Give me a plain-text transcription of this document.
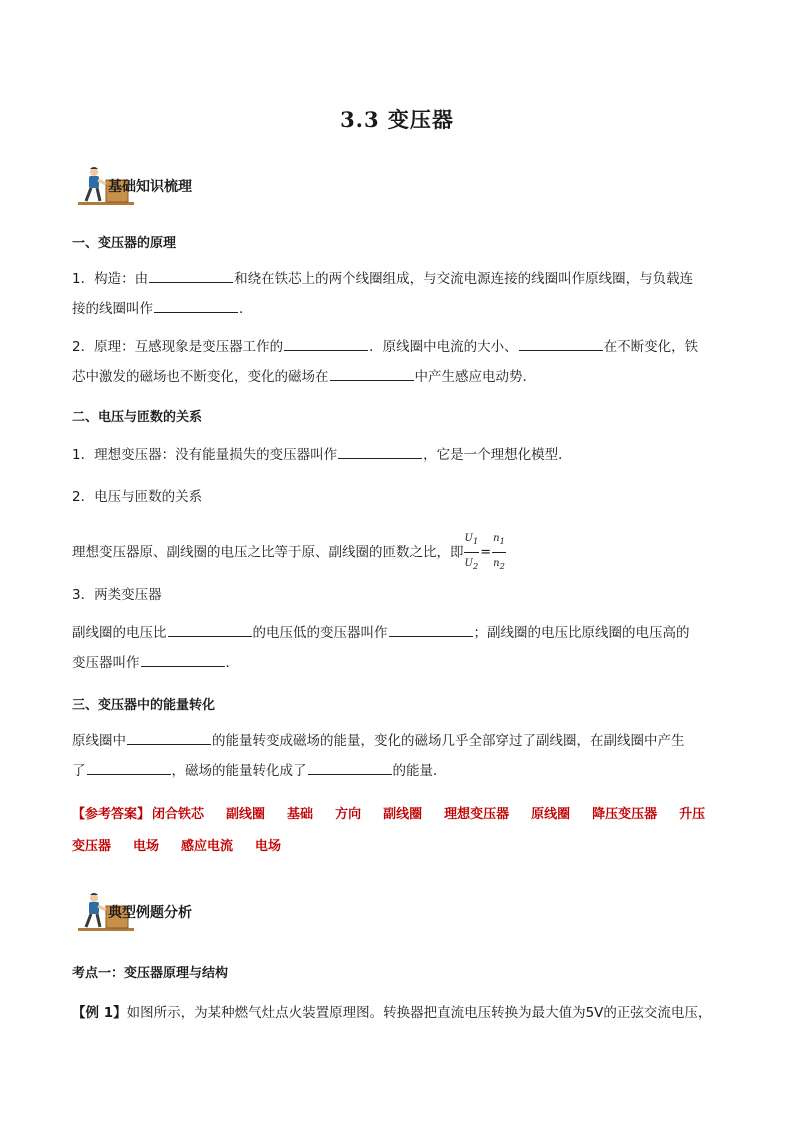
3.3 变压器
基础知识梳理
一、变压器的原理
1．构造：由	和绕在铁芯上的两个线圈组成，与交流电源连接的线圈叫作原线圈，与负载连
接的线圈叫作	．
2．原理：互感现象是变压器工作的	．原线圈中电流的大小、	在不断变化，铁
芯中激发的磁场也不断变化，变化的磁场在	中产生感应电动势．
二、电压与匝数的关系
1．理想变压器：没有能量损失的变压器叫作	，它是一个理想化模型．
2．电压与匝数的关系
理想变压器原、副线圈的电压之比等于原、副线圈的匝数之比，即 $\frac{U_1}{U_2} = \frac{n_1}{n_2}$
3．两类变压器
副线圈的电压比	的电压低的变压器叫作	；副线圈的电压比原线圈的电压高的
变压器叫作	．
三、变压器中的能量转化
原线圈中	的能量转变成磁场的能量，变化的磁场几乎全部穿过了副线圈，在副线圈中产生
了	，磁场的能量转化成了	的能量．
【参考答案】 闭合铁芯 副线圈 基础 方向 副线圈 理想变压器 原线圈 降压变压器 升压
变压器 电场 感应电流 电场
典型例题分析
考点一：变压器原理与结构
【例 1】如图所示，为某种燃气灶点火装置原理图。转换器把直流电压转换为最大值为5V的正弦交流电压，
